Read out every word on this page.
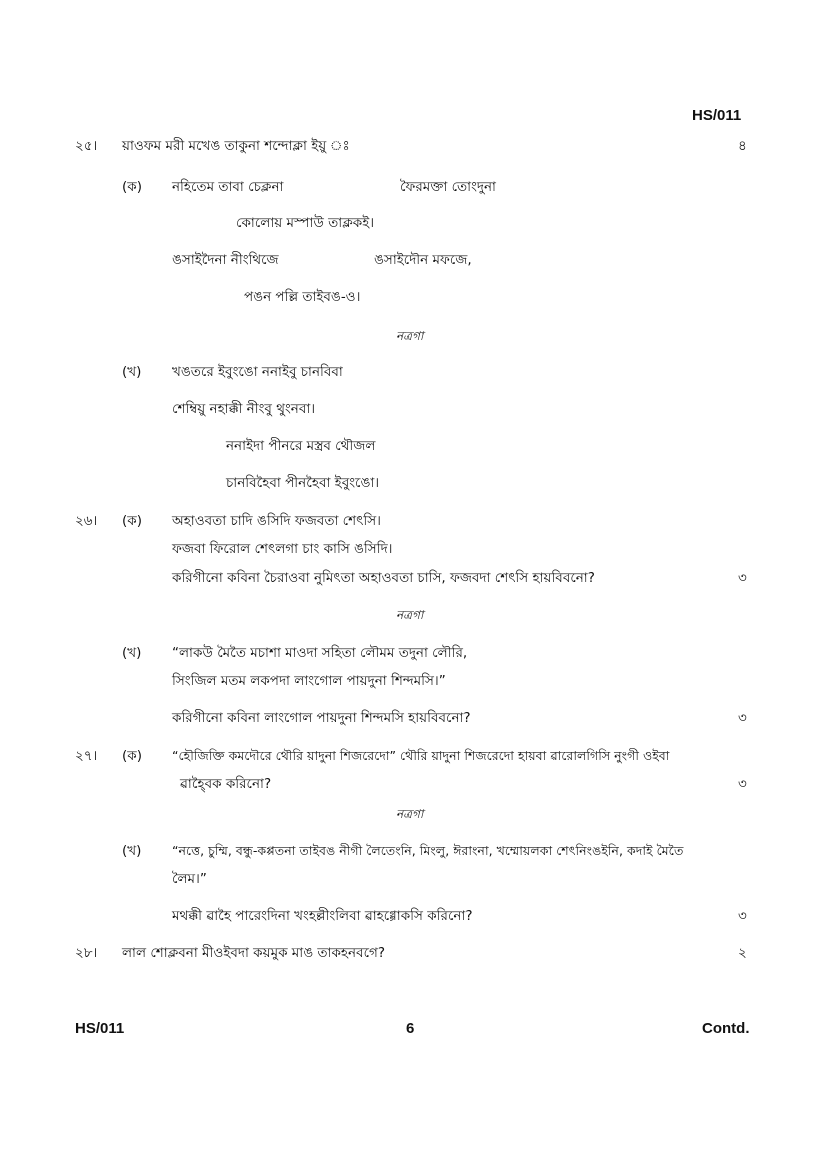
HS/011
২৫। য়াওফম মরী মখেঙ তাকুনা শন্দোক্লা ইয়ু ঃ	৪
(ক) নহিতেম তাবা চেক্লনা	ফৈরমক্তা তোংদুনা
কোলোয় মস্পাউ তাক্লকই।
ঙসাইদৈনা নীংথিজে	ঙসাইদৌন মফজে,
পঙন পল্লি তাইবঙ-ও।
নত্রগা
(খ) খঙতরে ইবুংঙো ননাইবু চানবিবা
শেম্বিয়ু নহাক্কী নীংবু থুংনবা।
ননাইদা পীনরে মস্ত্রব থৌজল
চানবিহৈবা পীনহৈবা ইবুংঙো।
২৬। (ক) অহাওবতা চাদি ঙসিদি ফজবতা শেৎসি।
ফজবা ফিরোল শেৎলগা চাং কাসি ঙসিদি।
করিগীনো কবিনা চৈরাওবা নুমিৎতা অহাওবতা চাসি, ফজবদা শেৎসি হায়বিবনো?	৩
নত্রগা
(খ) “লাকউ মৈতৈ মচাশা মাওদা সহিতা লৌমম তদুনা লৌরি,
সিংজিল মতম লকপদা লাংগোল পায়দুনা শিন্দমসি।”
করিগীনো কবিনা লাংগোল পায়দুনা শিন্দমসি হায়বিবনো?	৩
২৭। (ক) “হৌজিক্তি কমদৌরে থৌরি য়াদুনা শিজরেদো” থৌরি য়াদুনা শিজরেদো হায়বা ৱারোলগিসি নুংগী ওইবা
ৱাহৈ্বক করিনো?	৩
নত্রগা
(খ) “নত্তে, চুম্মি, বন্ধু-কপ্পতনা তাইবঙ নীগী লৈতেংনি, মিংলু, ঈরাংনা, খম্মোয়লকা শেৎনিংঙইনি, কদাই মৈতৈ
লৈম।”
মথক্কী ৱাহৈ পারেংদিনা খংহল্লীংলিবা ৱাহগ্গোকসি করিনো?	৩
২৮। লাল শোক্লবনা মীওইবদা কয়মুক মাঙ তাকহনবগে?	২
HS/011	6	Contd.
